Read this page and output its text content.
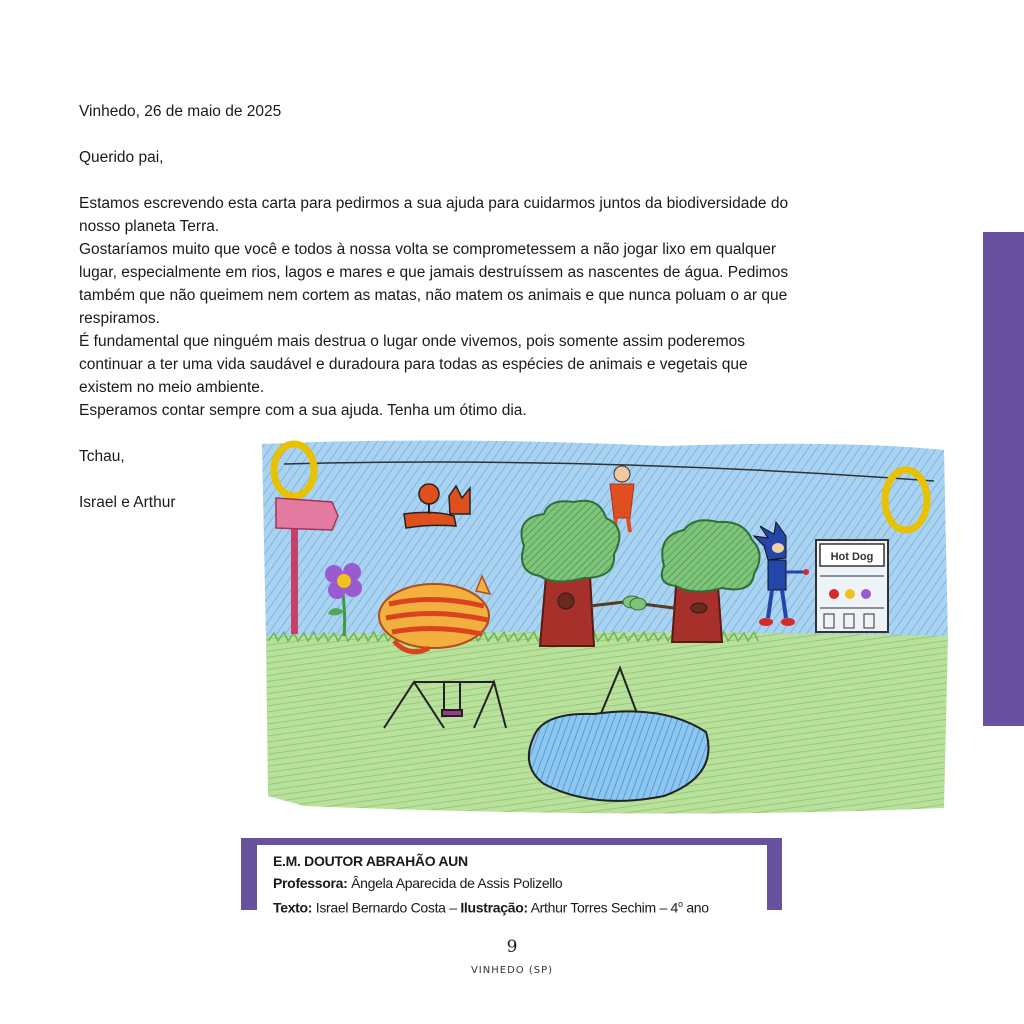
Vinhedo, 26 de maio de 2025

Querido pai,

Estamos escrevendo esta carta para pedirmos a sua ajuda para cuidarmos juntos da biodiversidade do nosso planeta Terra.

Gostaríamos muito que você e todos à nossa volta se comprometessem a não jogar lixo em qualquer lugar, especialmente em rios, lagos e mares e que jamais destruíssem as nascentes de água. Pedimos também que não queimem nem cortem as matas, não matem os animais e que nunca poluam o ar que respiramos.

É fundamental que ninguém mais destrua o lugar onde vivemos, pois somente assim poderemos continuar a ter uma vida saudável e duradoura para todas as espécies de animais e vegetais que existem no meio ambiente.

Esperamos contar sempre com a sua ajuda. Tenha um ótimo dia.

Tchau,

Israel e Arthur

Hot Dog
E.M. DOUTOR ABRAHÃO AUN
Professora: Ângela Aparecida de Assis Polizello
Texto: Israel Bernardo Costa – Ilustração: Arthur Torres Sechim – 4$^o$ ano
9
VINHEDO (SP)
